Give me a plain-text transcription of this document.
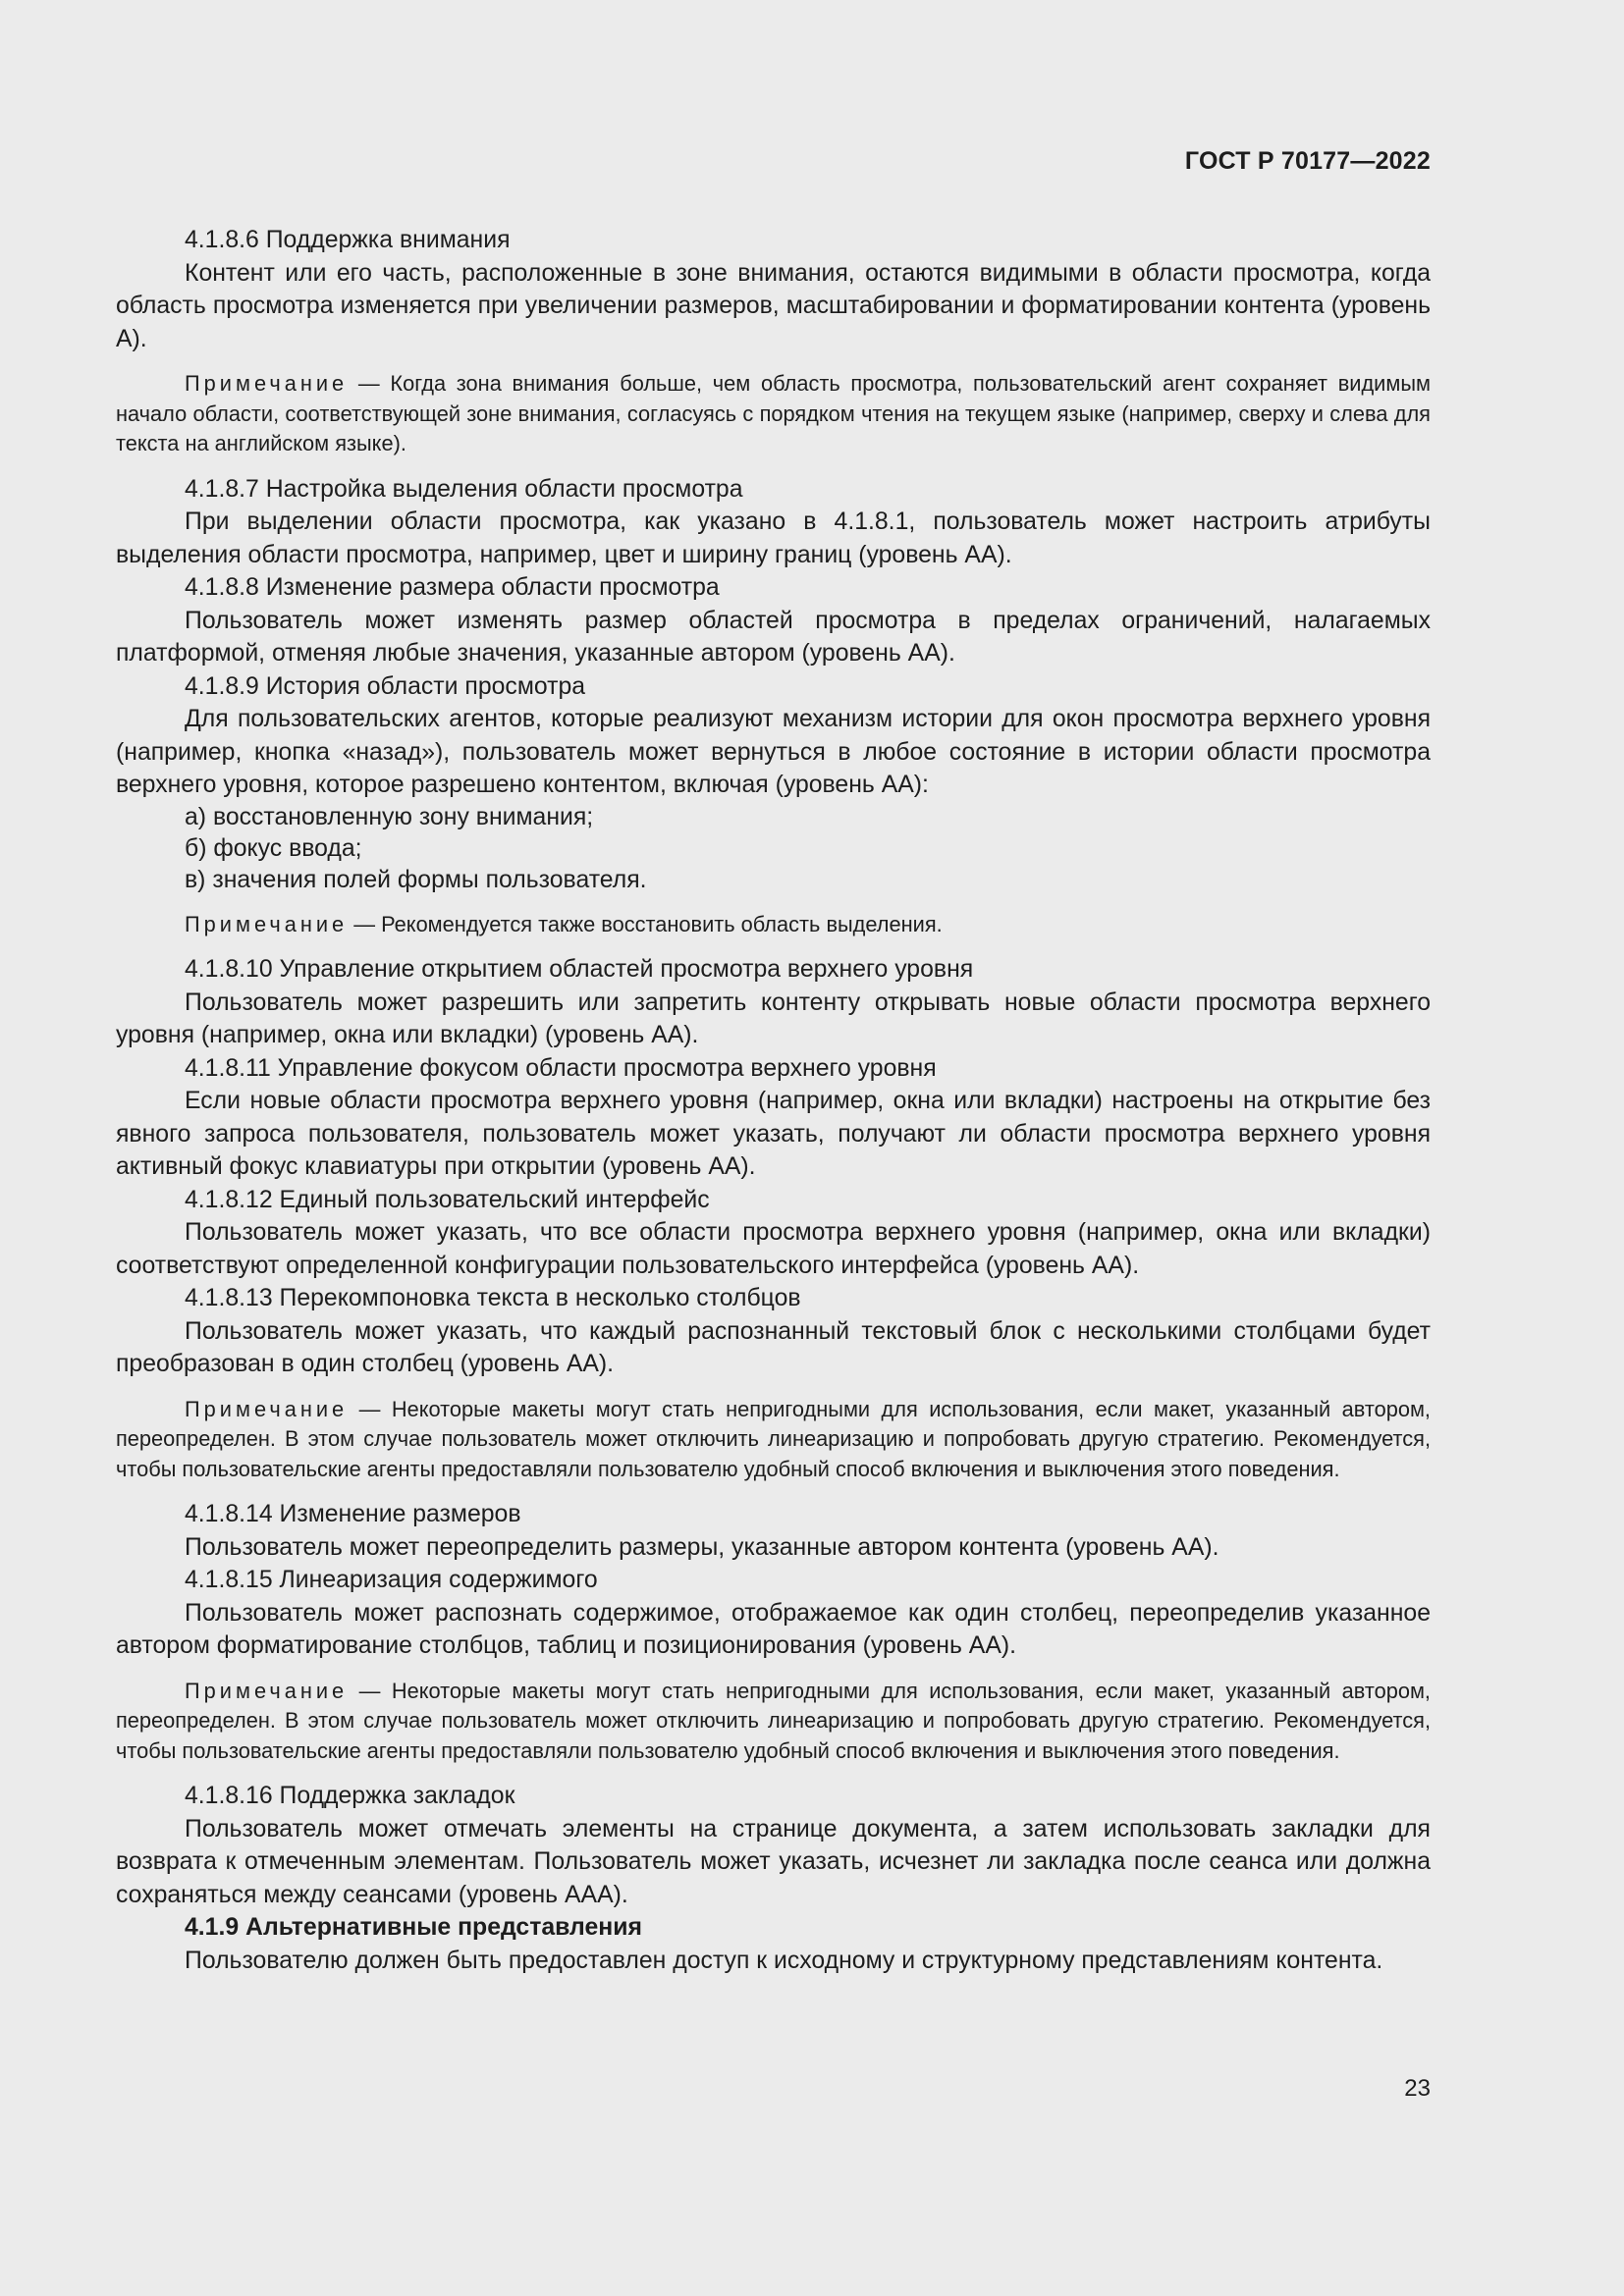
ГОСТ Р 70177—2022

4.1.8.6 Поддержка внимания

Контент или его часть, расположенные в зоне внимания, остаются видимыми в области просмотра, когда область просмотра изменяется при увеличении размеров, масштабировании и форматировании контента (уровень А).

Примечание — Когда зона внимания больше, чем область просмотра, пользовательский агент сохраняет видимым начало области, соответствующей зоне внимания, согласуясь с порядком чтения на текущем языке (например, сверху и слева для текста на английском языке).

4.1.8.7 Настройка выделения области просмотра

При выделении области просмотра, как указано в 4.1.8.1, пользователь может настроить атрибуты выделения области просмотра, например, цвет и ширину границ (уровень АА).

4.1.8.8 Изменение размера области просмотра

Пользователь может изменять размер областей просмотра в пределах ограничений, налагаемых платформой, отменяя любые значения, указанные автором (уровень АА).

4.1.8.9 История области просмотра

Для пользовательских агентов, которые реализуют механизм истории для окон просмотра верхнего уровня (например, кнопка «назад»), пользователь может вернуться в любое состояние в истории области просмотра верхнего уровня, которое разрешено контентом, включая (уровень АА):

а) восстановленную зону внимания;

б) фокус ввода;

в) значения полей формы пользователя.

Примечание — Рекомендуется также восстановить область выделения.

4.1.8.10 Управление открытием областей просмотра верхнего уровня

Пользователь может разрешить или запретить контенту открывать новые области просмотра верхнего уровня (например, окна или вкладки) (уровень АА).

4.1.8.11 Управление фокусом области просмотра верхнего уровня

Если новые области просмотра верхнего уровня (например, окна или вкладки) настроены на открытие без явного запроса пользователя, пользователь может указать, получают ли области просмотра верхнего уровня активный фокус клавиатуры при открытии (уровень АА).

4.1.8.12 Единый пользовательский интерфейс

Пользователь может указать, что все области просмотра верхнего уровня (например, окна или вкладки) соответствуют определенной конфигурации пользовательского интерфейса (уровень АА).

4.1.8.13 Перекомпоновка текста в несколько столбцов

Пользователь может указать, что каждый распознанный текстовый блок с несколькими столбцами будет преобразован в один столбец (уровень АА).

Примечание — Некоторые макеты могут стать непригодными для использования, если макет, указанный автором, переопределен. В этом случае пользователь может отключить линеаризацию и попробовать другую стратегию. Рекомендуется, чтобы пользовательские агенты предоставляли пользователю удобный способ включения и выключения этого поведения.

4.1.8.14 Изменение размеров

Пользователь может переопределить размеры, указанные автором контента (уровень АА).

4.1.8.15 Линеаризация содержимого

Пользователь может распознать содержимое, отображаемое как один столбец, переопределив указанное автором форматирование столбцов, таблиц и позиционирования (уровень АА).

Примечание — Некоторые макеты могут стать непригодными для использования, если макет, указанный автором, переопределен. В этом случае пользователь может отключить линеаризацию и попробовать другую стратегию. Рекомендуется, чтобы пользовательские агенты предоставляли пользователю удобный способ включения и выключения этого поведения.

4.1.8.16 Поддержка закладок

Пользователь может отмечать элементы на странице документа, а затем использовать закладки для возврата к отмеченным элементам. Пользователь может указать, исчезнет ли закладка после сеанса или должна сохраняться между сеансами (уровень ААА).

4.1.9 Альтернативные представления

Пользователю должен быть предоставлен доступ к исходному и структурному представлениям контента.

23
